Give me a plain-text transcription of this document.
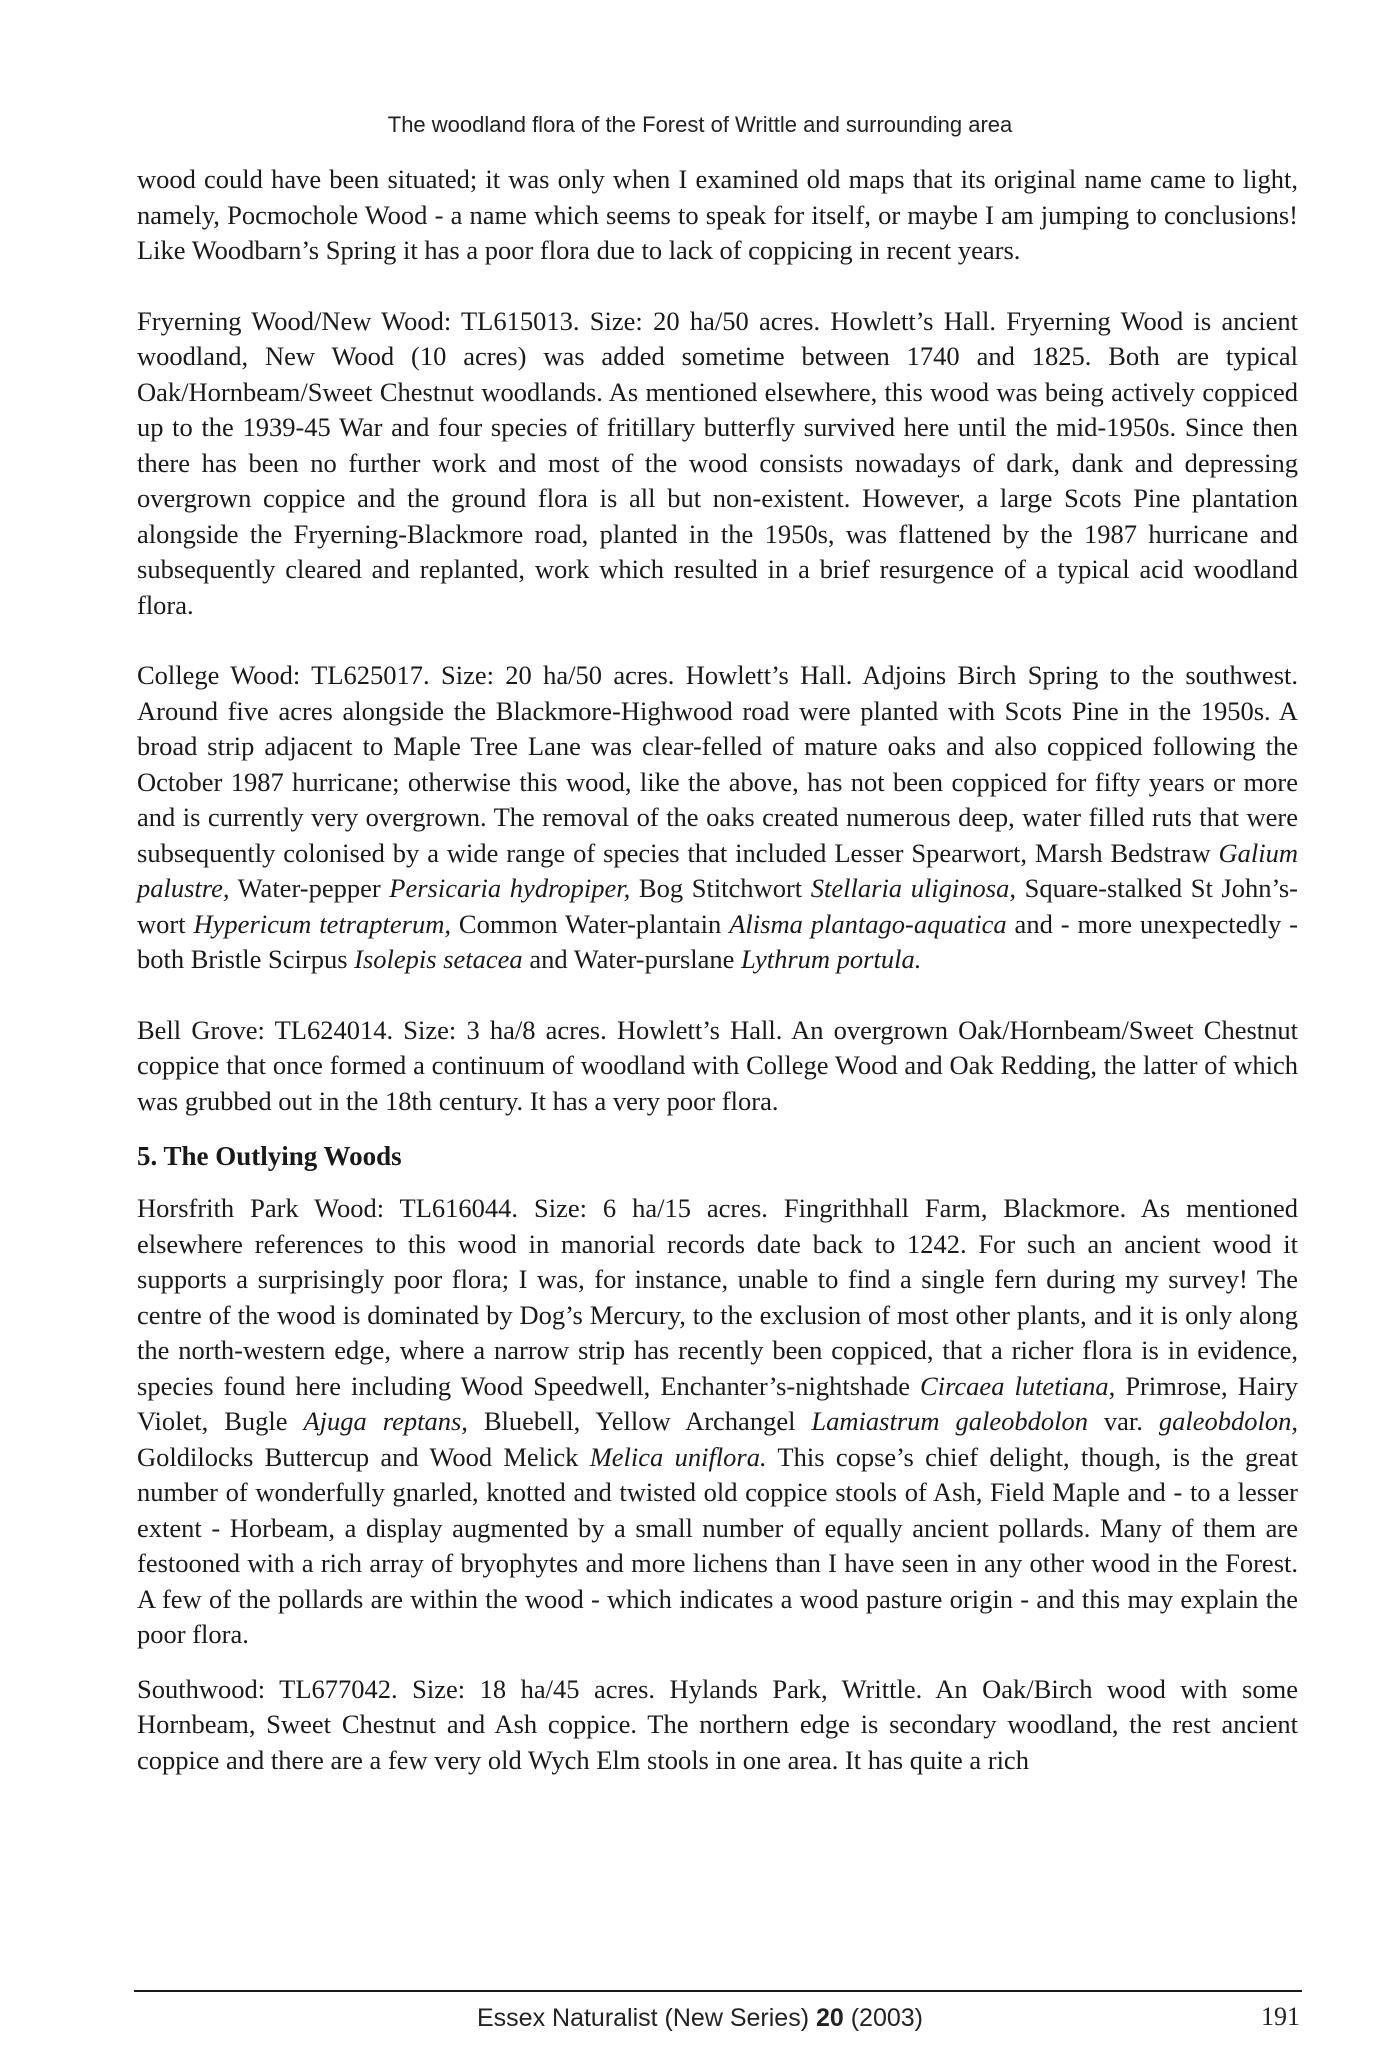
The woodland flora of the Forest of Writtle and surrounding area

wood could have been situated; it was only when I examined old maps that its original name came to light, namely, Pocmochole Wood - a name which seems to speak for itself, or maybe I am jumping to conclusions! Like Woodbarn’s Spring it has a poor flora due to lack of coppicing in recent years.

Fryerning Wood/New Wood: TL615013. Size: 20 ha/50 acres. Howlett’s Hall. Fryerning Wood is ancient woodland, New Wood (10 acres) was added sometime between 1740 and 1825. Both are typical Oak/Hornbeam/Sweet Chestnut woodlands. As mentioned elsewhere, this wood was being actively coppiced up to the 1939-45 War and four species of fritillary butterfly survived here until the mid-1950s. Since then there has been no further work and most of the wood consists nowadays of dark, dank and depressing overgrown coppice and the ground flora is all but non-existent. However, a large Scots Pine plantation alongside the Fryerning-Blackmore road, planted in the 1950s, was flattened by the 1987 hurricane and subsequently cleared and replanted, work which resulted in a brief resurgence of a typical acid woodland flora.

College Wood: TL625017. Size: 20 ha/50 acres. Howlett’s Hall. Adjoins Birch Spring to the southwest. Around five acres alongside the Blackmore-Highwood road were planted with Scots Pine in the 1950s. A broad strip adjacent to Maple Tree Lane was clear-felled of mature oaks and also coppiced following the October 1987 hurricane; otherwise this wood, like the above, has not been coppiced for fifty years or more and is currently very overgrown. The removal of the oaks created numerous deep, water filled ruts that were subsequently colonised by a wide range of species that included Lesser Spearwort, Marsh Bedstraw Galium palustre, Water-pepper Persicaria hydropiper, Bog Stitchwort Stellaria uliginosa, Square-stalked St John’s-wort Hypericum tetrapterum, Common Water-plantain Alisma plantago-aquatica and - more unexpectedly - both Bristle Scirpus Isolepis setacea and Water-purslane Lythrum portula.

Bell Grove: TL624014. Size: 3 ha/8 acres. Howlett’s Hall. An overgrown Oak/Hornbeam/Sweet Chestnut coppice that once formed a continuum of woodland with College Wood and Oak Redding, the latter of which was grubbed out in the 18th century. It has a very poor flora.

5. The Outlying Woods

Horsfrith Park Wood: TL616044. Size: 6 ha/15 acres. Fingrithhall Farm, Blackmore. As mentioned elsewhere references to this wood in manorial records date back to 1242. For such an ancient wood it supports a surprisingly poor flora; I was, for instance, unable to find a single fern during my survey! The centre of the wood is dominated by Dog’s Mercury, to the exclusion of most other plants, and it is only along the north-western edge, where a narrow strip has recently been coppiced, that a richer flora is in evidence, species found here including Wood Speedwell, Enchanter’s-nightshade Circaea lutetiana, Primrose, Hairy Violet, Bugle Ajuga reptans, Bluebell, Yellow Archangel Lamiastrum galeobdolon var. galeobdolon, Goldilocks Buttercup and Wood Melick Melica uniflora. This copse’s chief delight, though, is the great number of wonderfully gnarled, knotted and twisted old coppice stools of Ash, Field Maple and - to a lesser extent - Horbeam, a display augmented by a small number of equally ancient pollards. Many of them are festooned with a rich array of bryophytes and more lichens than I have seen in any other wood in the Forest. A few of the pollards are within the wood - which indicates a wood pasture origin - and this may explain the poor flora.

Southwood: TL677042. Size: 18 ha/45 acres. Hylands Park, Writtle. An Oak/Birch wood with some Hornbeam, Sweet Chestnut and Ash coppice. The northern edge is secondary woodland, the rest ancient coppice and there are a few very old Wych Elm stools in one area. It has quite a rich

Essex Naturalist (New Series) 20 (2003)	191
